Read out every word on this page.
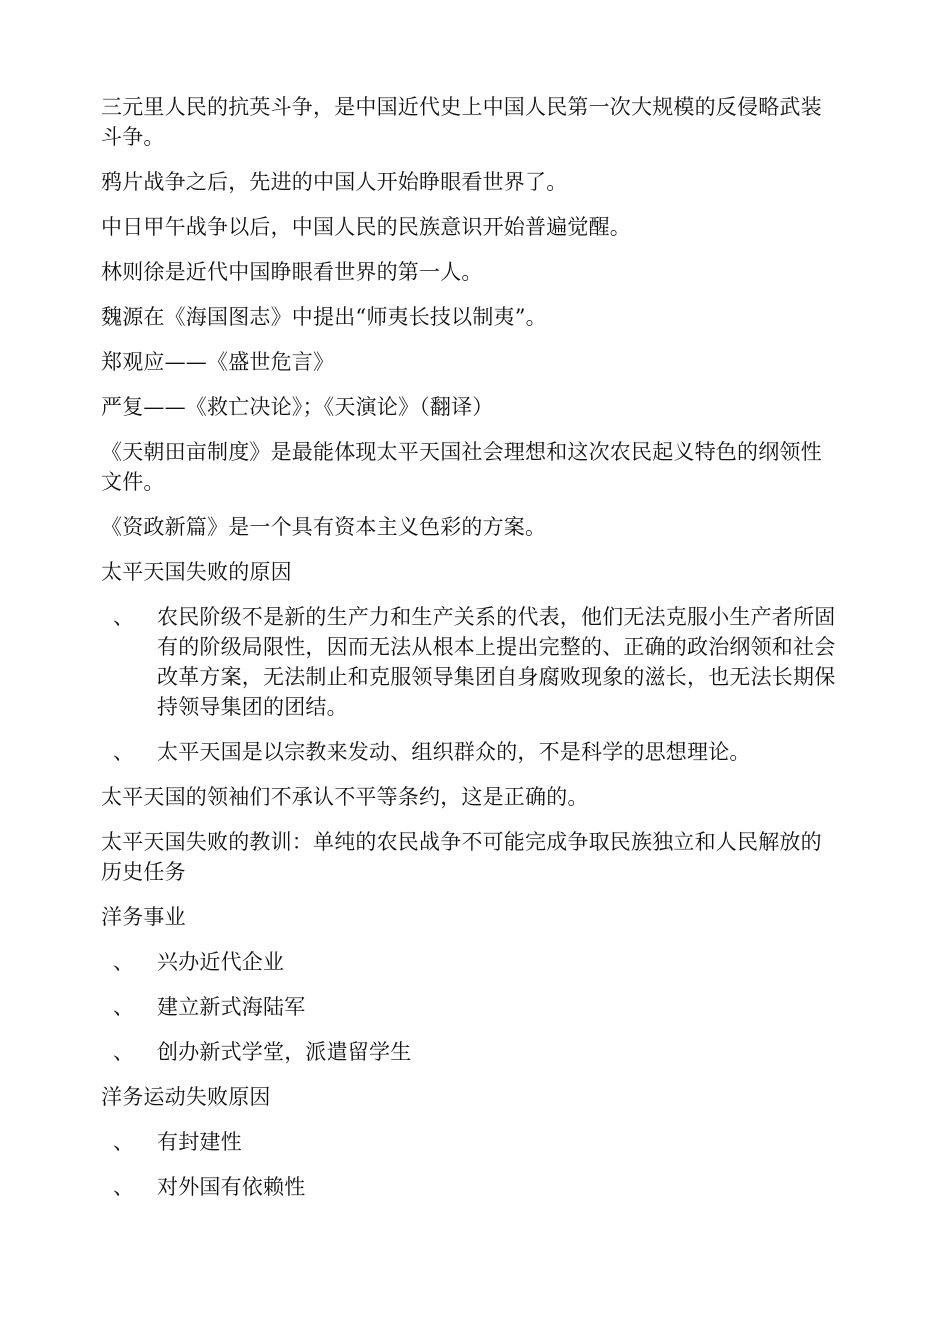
三元里人民的抗英斗争，是中国近代史上中国人民第一次大规模的反侵略武装斗争。

鸦片战争之后，先进的中国人开始睁眼看世界了。

中日甲午战争以后，中国人民的民族意识开始普遍觉醒。

林则徐是近代中国睁眼看世界的第一人。

魏源在《海国图志》中提出“师夷长技以制夷”。

郑观应——《盛世危言》

严复——《救亡决论》；《天演论》（翻译）

《天朝田亩制度》是最能体现太平天国社会理想和这次农民起义特色的纲领性文件。

《资政新篇》是一个具有资本主义色彩的方案。

太平天国失败的原因

、	农民阶级不是新的生产力和生产关系的代表，他们无法克服小生产者所固有的阶级局限性，因而无法从根本上提出完整的、正确的政治纲领和社会改革方案，无法制止和克服领导集团自身腐败现象的滋长，也无法长期保持领导集团的团结。
、	太平天国是以宗教来发动、组织群众的，不是科学的思想理论。

太平天国的领袖们不承认不平等条约，这是正确的。

太平天国失败的教训：单纯的农民战争不可能完成争取民族独立和人民解放的历史任务

洋务事业

、	兴办近代企业
、	建立新式海陆军
、	创办新式学堂，派遣留学生

洋务运动失败原因

、	有封建性
、	对外国有依赖性
